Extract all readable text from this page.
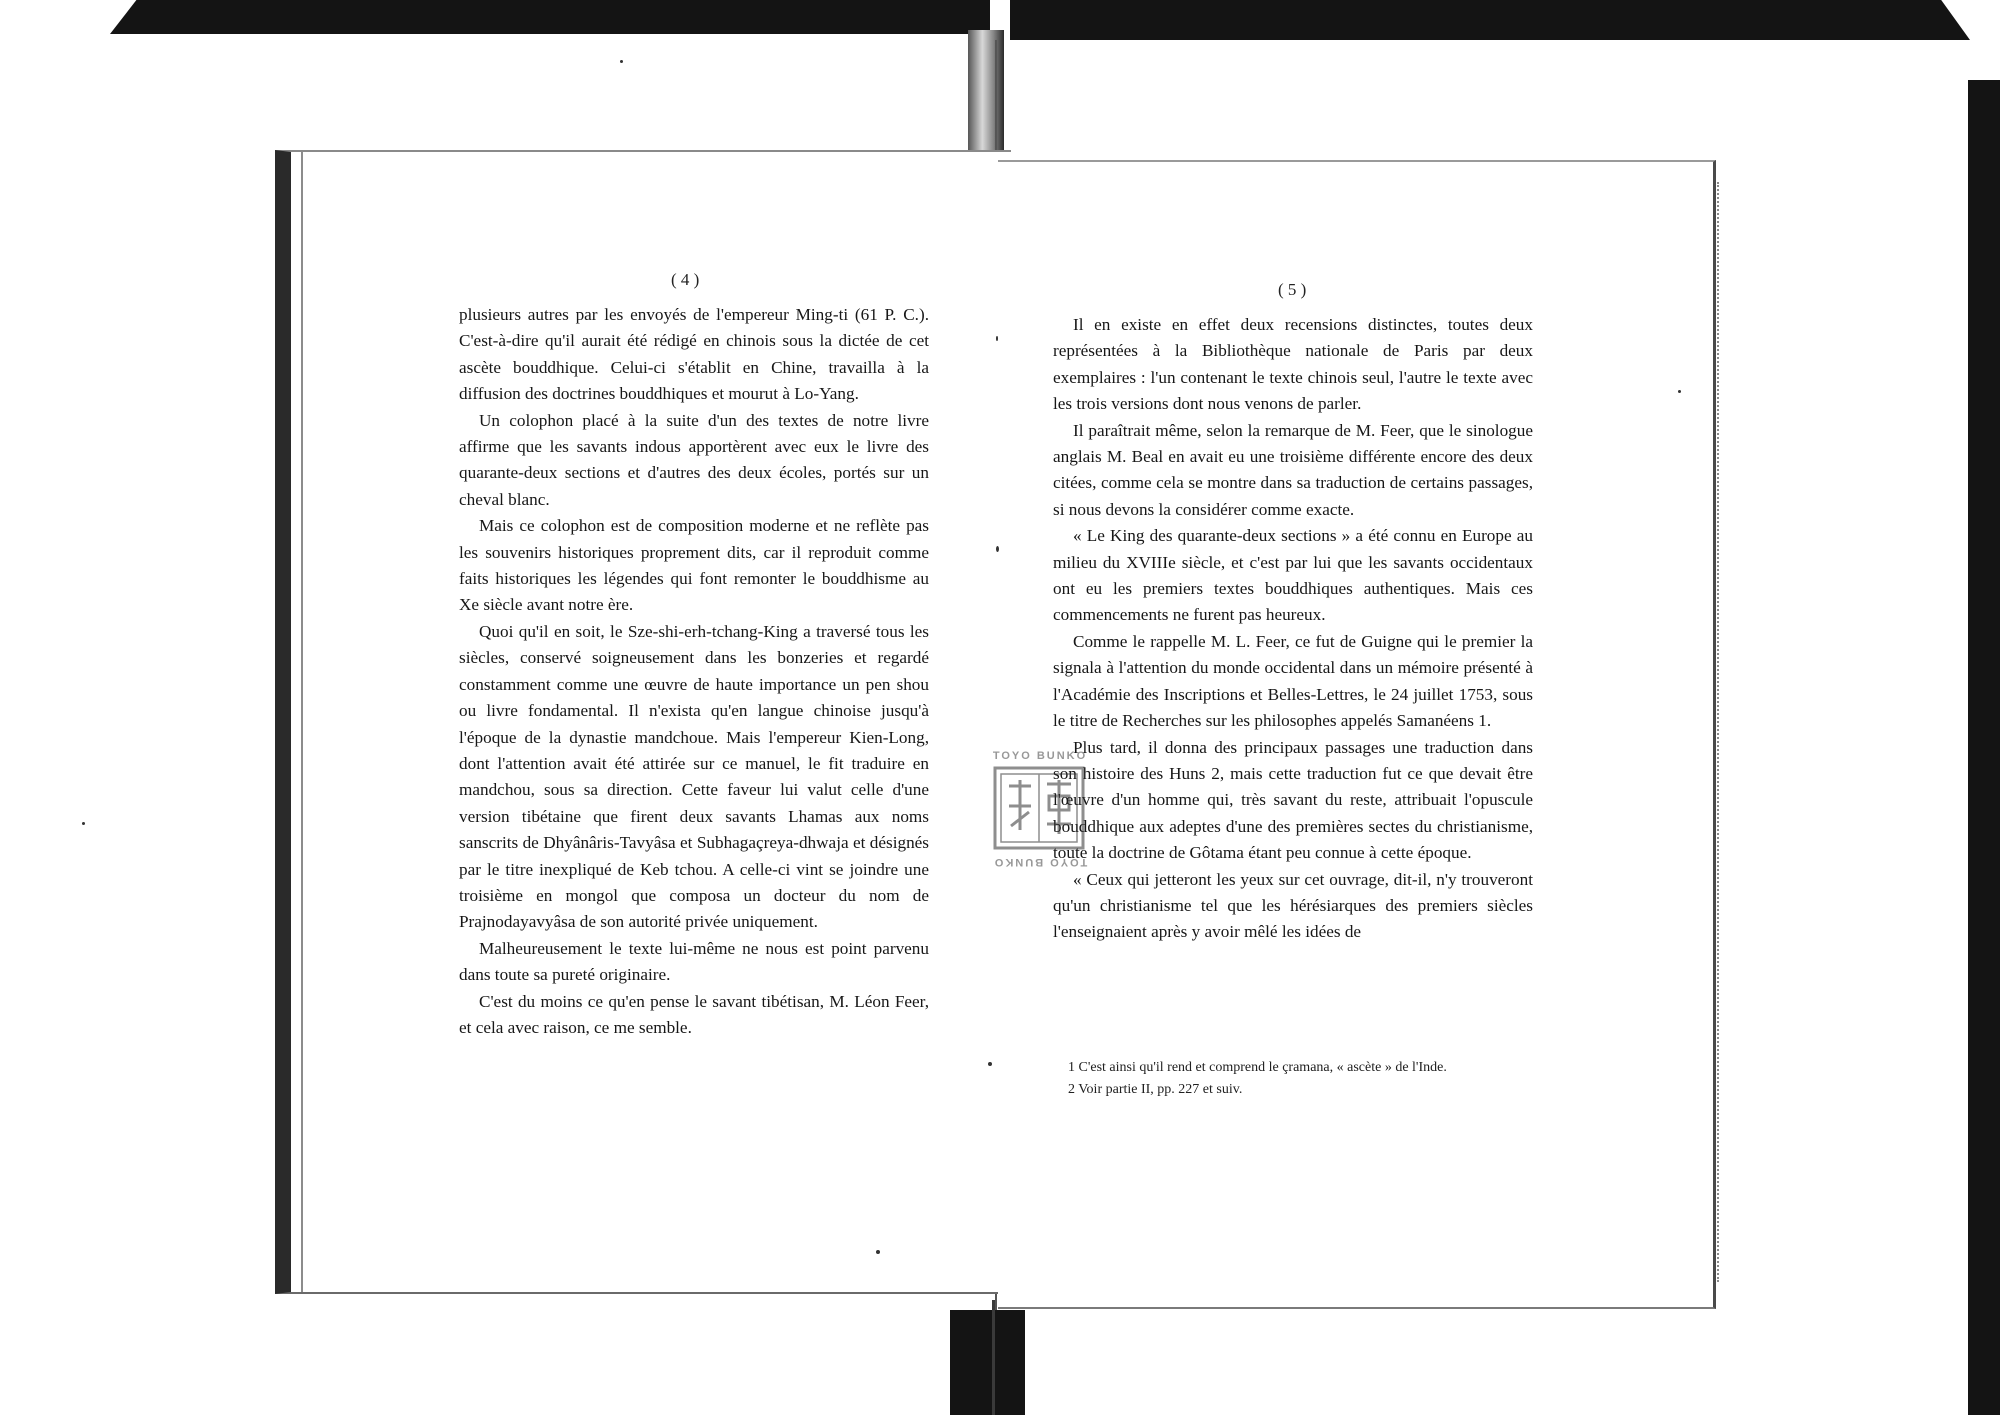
( 4 )

plusieurs autres par les envoyés de l'empereur Ming-ti (61 P. C.). C'est-à-dire qu'il aurait été rédigé en chinois sous la dictée de cet ascète bouddhique. Celui-ci s'établit en Chine, travailla à la diffusion des doctrines bouddhiques et mourut à Lo-Yang.

Un colophon placé à la suite d'un des textes de notre livre affirme que les savants indous apportèrent avec eux le livre des quarante-deux sections et d'autres des deux écoles, portés sur un cheval blanc.

Mais ce colophon est de composition moderne et ne reflète pas les souvenirs historiques proprement dits, car il reproduit comme faits historiques les légendes qui font remonter le bouddhisme au Xe siècle avant notre ère.

Quoi qu'il en soit, le Sze-shi-erh-tchang-King a traversé tous les siècles, conservé soigneusement dans les bonzeries et regardé constamment comme une œuvre de haute importance un pen shou ou livre fondamental. Il n'exista qu'en langue chinoise jusqu'à l'époque de la dynastie mandchoue. Mais l'empereur Kien-Long, dont l'attention avait été attirée sur ce manuel, le fit traduire en mandchou, sous sa direction. Cette faveur lui valut celle d'une version tibétaine que firent deux savants Lhamas aux noms sanscrits de Dhyânâris-Tavyâsa et Subhagaçreya-dhwaja et désignés par le titre inexpliqué de Keb tchou. A celle-ci vint se joindre une troisième en mongol que composa un docteur du nom de Prajnodayavyâsa de son autorité privée uniquement.

Malheureusement le texte lui-même ne nous est point parvenu dans toute sa pureté originaire.

C'est du moins ce qu'en pense le savant tibétisan, M. Léon Feer, et cela avec raison, ce me semble.

( 5 )

Il en existe en effet deux recensions distinctes, toutes deux représentées à la Bibliothèque nationale de Paris par deux exemplaires : l'un contenant le texte chinois seul, l'autre le texte avec les trois versions dont nous venons de parler.

Il paraîtrait même, selon la remarque de M. Feer, que le sinologue anglais M. Beal en avait eu une troisième différente encore des deux citées, comme cela se montre dans sa traduction de certains passages, si nous devons la considérer comme exacte.

« Le King des quarante-deux sections » a été connu en Europe au milieu du XVIIIe siècle, et c'est par lui que les savants occidentaux ont eu les premiers textes bouddhiques authentiques. Mais ces commencements ne furent pas heureux.

Comme le rappelle M. L. Feer, ce fut de Guigne qui le premier la signala à l'attention du monde occidental dans un mémoire présenté à l'Académie des Inscriptions et Belles-Lettres, le 24 juillet 1753, sous le titre de Recherches sur les philosophes appelés Samanéens 1.

Plus tard, il donna des principaux passages une traduction dans son histoire des Huns 2, mais cette traduction fut ce que devait être l'œuvre d'un homme qui, très savant du reste, attribuait l'opuscule bouddhique aux adeptes d'une des premières sectes du christianisme, toute la doctrine de Gôtama étant peu connue à cette époque.

« Ceux qui jetteront les yeux sur cet ouvrage, dit-il, n'y trouveront qu'un christianisme tel que les hérésiarques des premiers siècles l'enseignaient après y avoir mêlé les idées de

1 C'est ainsi qu'il rend et comprend le çramana, « ascète » de l'Inde.
2 Voir partie II, pp. 227 et suiv.
TOYO BUNKO
TOYO BUNKO
